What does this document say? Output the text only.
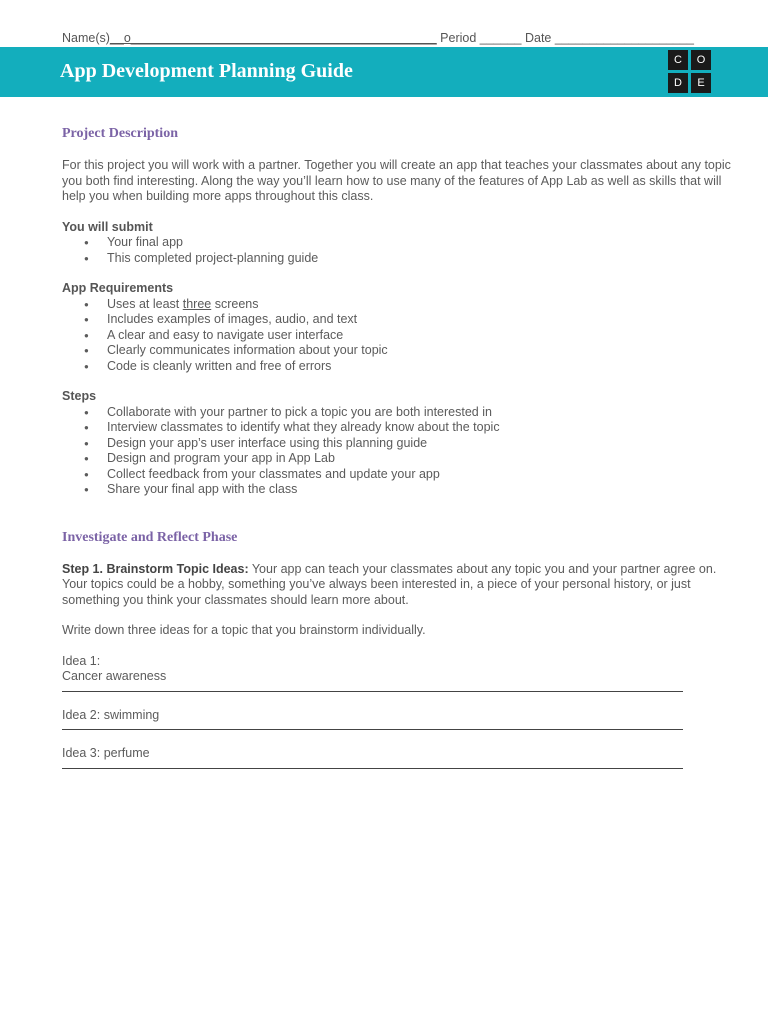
Name(s)__o____________________________________________ Period ______ Date ____________________
App Development Planning Guide	C	O
D	E
Project Description

For this project you will work with a partner. Together you will create an app that teaches your classmates about any topic you both find interesting. Along the way you’ll learn how to use many of the features of App Lab as well as skills that will help you when building more apps throughout this class.

You will submit

● Your final app
● This completed project-planning guide

App Requirements

● Uses at least three screens
● Includes examples of images, audio, and text
● A clear and easy to navigate user interface
● Clearly communicates information about your topic
● Code is cleanly written and free of errors

Steps

● Collaborate with your partner to pick a topic you are both interested in
● Interview classmates to identify what they already know about the topic
● Design your app’s user interface using this planning guide
● Design and program your app in App Lab
● Collect feedback from your classmates and update your app
● Share your final app with the class
Investigate and Reflect Phase

Step 1. Brainstorm Topic Ideas: Your app can teach your classmates about any topic you and your partner agree on. Your topics could be a hobby, something you’ve always been interested in, a piece of your personal history, or just something you think your classmates should learn more about.

Write down three ideas for a topic that you brainstorm individually.

Idea 1:

Cancer awareness

Idea 2: swimming

Idea 3: perfume
